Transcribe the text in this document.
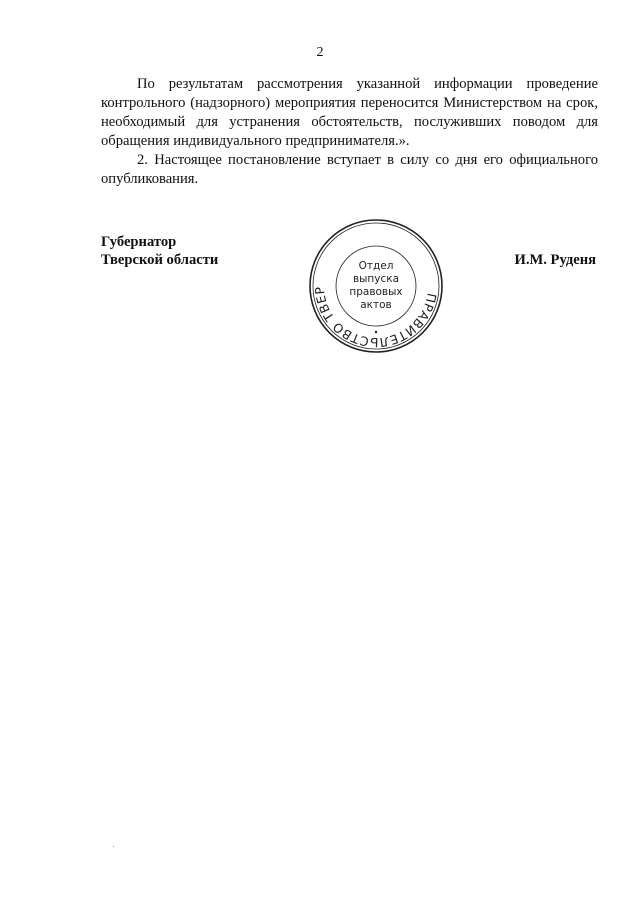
2

По результатам рассмотрения указанной информации проведение контрольного (надзорного) мероприятия переносится Министерством на срок, необходимый для устранения обстоятельств, послуживших поводом для обращения индивидуального предпринимателя.».

2. Настоящее постановление вступает в силу со дня его официального опубликования.

Губернатор
Тверской области	И.М. Руденя
ПРАВИТЕЛЬСТВО ТВЕР
Отдел
выпуска
правовых
актов
